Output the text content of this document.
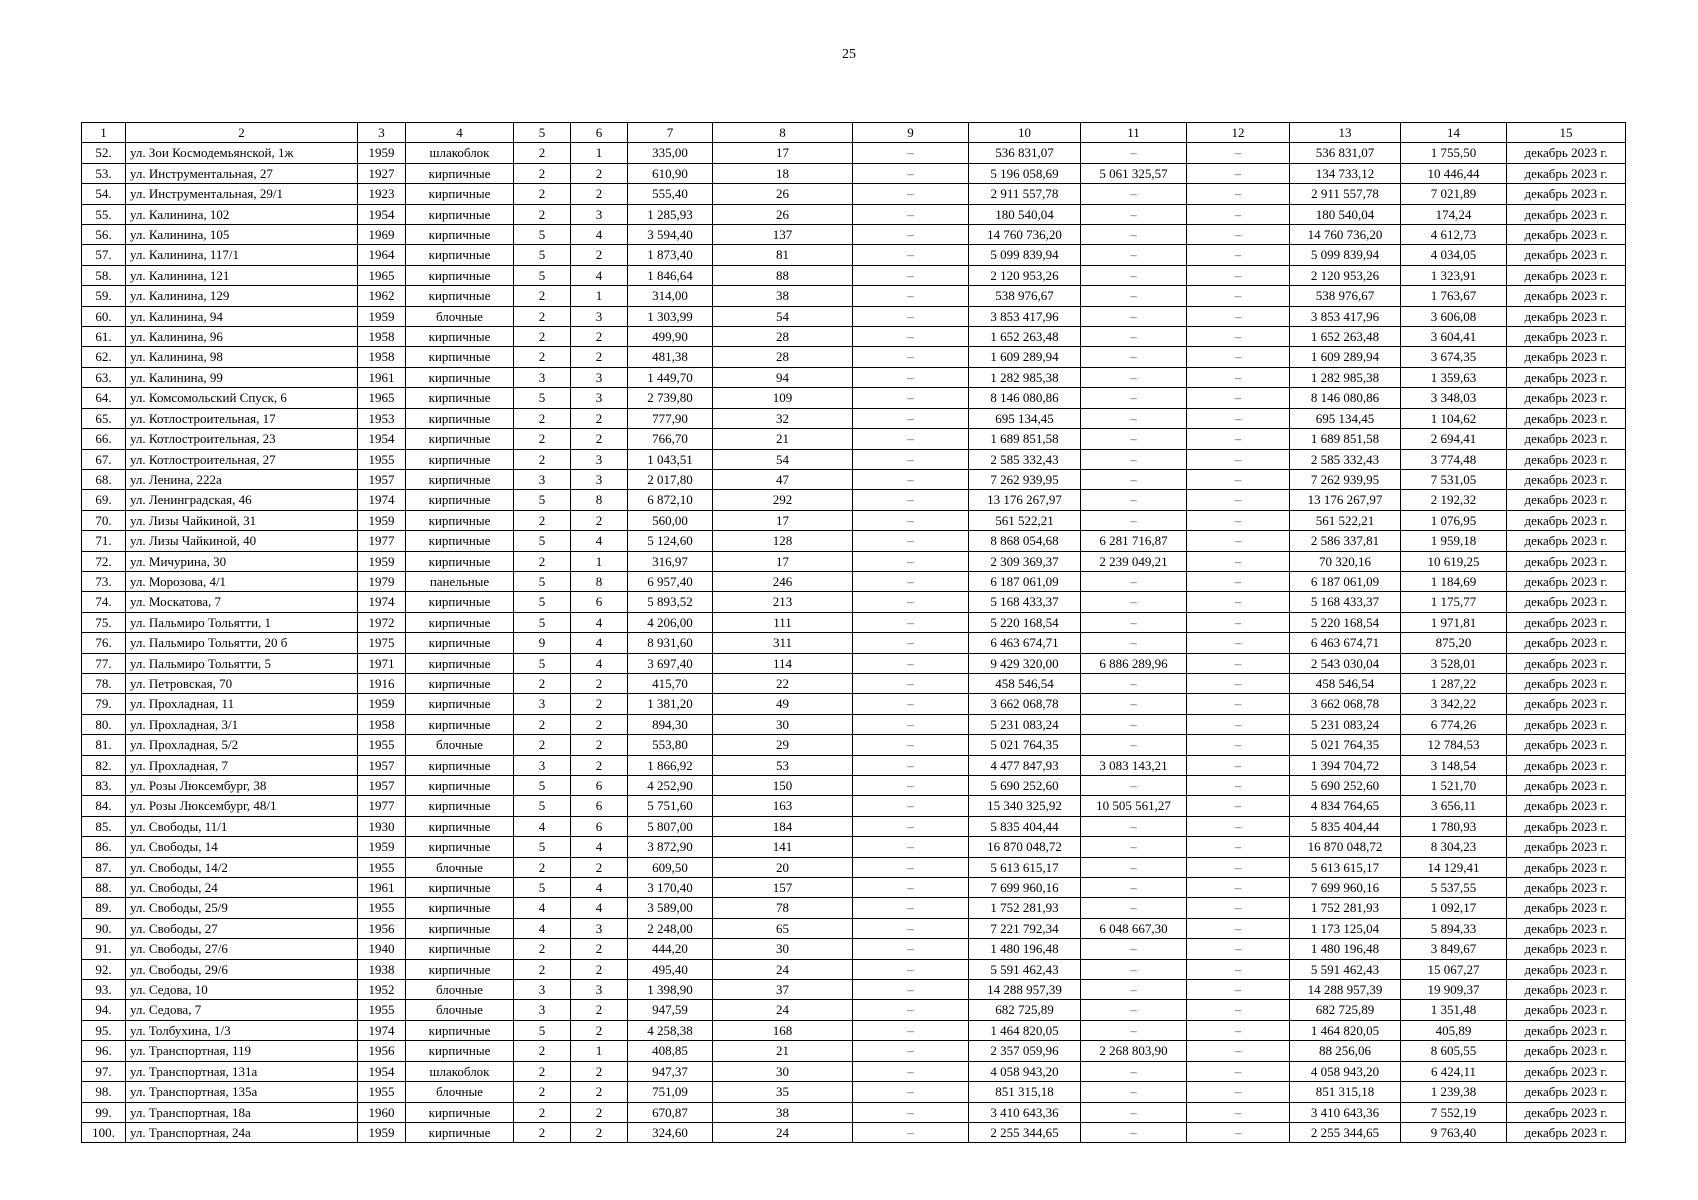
25
1	2	3	4	5	6	7	8	9	10	11	12	13	14	15
52.	ул. Зои Космодемьянской, 1ж	1959	шлакоблок	2	1	335,00	17	–	536 831,07	–	–	536 831,07	1 755,50	декабрь 2023 г.
53.	ул. Инструментальная, 27	1927	кирпичные	2	2	610,90	18	–	5 196 058,69	5 061 325,57	–	134 733,12	10 446,44	декабрь 2023 г.
54.	ул. Инструментальная, 29/1	1923	кирпичные	2	2	555,40	26	–	2 911 557,78	–	–	2 911 557,78	7 021,89	декабрь 2023 г.
55.	ул. Калинина, 102	1954	кирпичные	2	3	1 285,93	26	–	180 540,04	–	–	180 540,04	174,24	декабрь 2023 г.
56.	ул. Калинина, 105	1969	кирпичные	5	4	3 594,40	137	–	14 760 736,20	–	–	14 760 736,20	4 612,73	декабрь 2023 г.
57.	ул. Калинина, 117/1	1964	кирпичные	5	2	1 873,40	81	–	5 099 839,94	–	–	5 099 839,94	4 034,05	декабрь 2023 г.
58.	ул. Калинина, 121	1965	кирпичные	5	4	1 846,64	88	–	2 120 953,26	–	–	2 120 953,26	1 323,91	декабрь 2023 г.
59.	ул. Калинина, 129	1962	кирпичные	2	1	314,00	38	–	538 976,67	–	–	538 976,67	1 763,67	декабрь 2023 г.
60.	ул. Калинина, 94	1959	блочные	2	3	1 303,99	54	–	3 853 417,96	–	–	3 853 417,96	3 606,08	декабрь 2023 г.
61.	ул. Калинина, 96	1958	кирпичные	2	2	499,90	28	–	1 652 263,48	–	–	1 652 263,48	3 604,41	декабрь 2023 г.
62.	ул. Калинина, 98	1958	кирпичные	2	2	481,38	28	–	1 609 289,94	–	–	1 609 289,94	3 674,35	декабрь 2023 г.
63.	ул. Калинина, 99	1961	кирпичные	3	3	1 449,70	94	–	1 282 985,38	–	–	1 282 985,38	1 359,63	декабрь 2023 г.
64.	ул. Комсомольский Спуск, 6	1965	кирпичные	5	3	2 739,80	109	–	8 146 080,86	–	–	8 146 080,86	3 348,03	декабрь 2023 г.
65.	ул. Котлостроительная, 17	1953	кирпичные	2	2	777,90	32	–	695 134,45	–	–	695 134,45	1 104,62	декабрь 2023 г.
66.	ул. Котлостроительная, 23	1954	кирпичные	2	2	766,70	21	–	1 689 851,58	–	–	1 689 851,58	2 694,41	декабрь 2023 г.
67.	ул. Котлостроительная, 27	1955	кирпичные	2	3	1 043,51	54	–	2 585 332,43	–	–	2 585 332,43	3 774,48	декабрь 2023 г.
68.	ул. Ленина, 222а	1957	кирпичные	3	3	2 017,80	47	–	7 262 939,95	–	–	7 262 939,95	7 531,05	декабрь 2023 г.
69.	ул. Ленинградская, 46	1974	кирпичные	5	8	6 872,10	292	–	13 176 267,97	–	–	13 176 267,97	2 192,32	декабрь 2023 г.
70.	ул. Лизы Чайкиной, 31	1959	кирпичные	2	2	560,00	17	–	561 522,21	–	–	561 522,21	1 076,95	декабрь 2023 г.
71.	ул. Лизы Чайкиной, 40	1977	кирпичные	5	4	5 124,60	128	–	8 868 054,68	6 281 716,87	–	2 586 337,81	1 959,18	декабрь 2023 г.
72.	ул. Мичурина, 30	1959	кирпичные	2	1	316,97	17	–	2 309 369,37	2 239 049,21	–	70 320,16	10 619,25	декабрь 2023 г.
73.	ул. Морозова, 4/1	1979	панельные	5	8	6 957,40	246	–	6 187 061,09	–	–	6 187 061,09	1 184,69	декабрь 2023 г.
74.	ул. Москатова, 7	1974	кирпичные	5	6	5 893,52	213	–	5 168 433,37	–	–	5 168 433,37	1 175,77	декабрь 2023 г.
75.	ул. Пальмиро Тольятти, 1	1972	кирпичные	5	4	4 206,00	111	–	5 220 168,54	–	–	5 220 168,54	1 971,81	декабрь 2023 г.
76.	ул. Пальмиро Тольятти, 20 б	1975	кирпичные	9	4	8 931,60	311	–	6 463 674,71	–	–	6 463 674,71	875,20	декабрь 2023 г.
77.	ул. Пальмиро Тольятти, 5	1971	кирпичные	5	4	3 697,40	114	–	9 429 320,00	6 886 289,96	–	2 543 030,04	3 528,01	декабрь 2023 г.
78.	ул. Петровская, 70	1916	кирпичные	2	2	415,70	22	–	458 546,54	–	–	458 546,54	1 287,22	декабрь 2023 г.
79.	ул. Прохладная, 11	1959	кирпичные	3	2	1 381,20	49	–	3 662 068,78	–	–	3 662 068,78	3 342,22	декабрь 2023 г.
80.	ул. Прохладная, 3/1	1958	кирпичные	2	2	894,30	30	–	5 231 083,24	–	–	5 231 083,24	6 774,26	декабрь 2023 г.
81.	ул. Прохладная, 5/2	1955	блочные	2	2	553,80	29	–	5 021 764,35	–	–	5 021 764,35	12 784,53	декабрь 2023 г.
82.	ул. Прохладная, 7	1957	кирпичные	3	2	1 866,92	53	–	4 477 847,93	3 083 143,21	–	1 394 704,72	3 148,54	декабрь 2023 г.
83.	ул. Розы Люксембург, 38	1957	кирпичные	5	6	4 252,90	150	–	5 690 252,60	–	–	5 690 252,60	1 521,70	декабрь 2023 г.
84.	ул. Розы Люксембург, 48/1	1977	кирпичные	5	6	5 751,60	163	–	15 340 325,92	10 505 561,27	–	4 834 764,65	3 656,11	декабрь 2023 г.
85.	ул. Свободы, 11/1	1930	кирпичные	4	6	5 807,00	184	–	5 835 404,44	–	–	5 835 404,44	1 780,93	декабрь 2023 г.
86.	ул. Свободы, 14	1959	кирпичные	5	4	3 872,90	141	–	16 870 048,72	–	–	16 870 048,72	8 304,23	декабрь 2023 г.
87.	ул. Свободы, 14/2	1955	блочные	2	2	609,50	20	–	5 613 615,17	–	–	5 613 615,17	14 129,41	декабрь 2023 г.
88.	ул. Свободы, 24	1961	кирпичные	5	4	3 170,40	157	–	7 699 960,16	–	–	7 699 960,16	5 537,55	декабрь 2023 г.
89.	ул. Свободы, 25/9	1955	кирпичные	4	4	3 589,00	78	–	1 752 281,93	–	–	1 752 281,93	1 092,17	декабрь 2023 г.
90.	ул. Свободы, 27	1956	кирпичные	4	3	2 248,00	65	–	7 221 792,34	6 048 667,30	–	1 173 125,04	5 894,33	декабрь 2023 г.
91.	ул. Свободы, 27/6	1940	кирпичные	2	2	444,20	30	–	1 480 196,48	–	–	1 480 196,48	3 849,67	декабрь 2023 г.
92.	ул. Свободы, 29/6	1938	кирпичные	2	2	495,40	24	–	5 591 462,43	–	–	5 591 462,43	15 067,27	декабрь 2023 г.
93.	ул. Седова, 10	1952	блочные	3	3	1 398,90	37	–	14 288 957,39	–	–	14 288 957,39	19 909,37	декабрь 2023 г.
94.	ул. Седова, 7	1955	блочные	3	2	947,59	24	–	682 725,89	–	–	682 725,89	1 351,48	декабрь 2023 г.
95.	ул. Толбухина, 1/3	1974	кирпичные	5	2	4 258,38	168	–	1 464 820,05	–	–	1 464 820,05	405,89	декабрь 2023 г.
96.	ул. Транспортная, 119	1956	кирпичные	2	1	408,85	21	–	2 357 059,96	2 268 803,90	–	88 256,06	8 605,55	декабрь 2023 г.
97.	ул. Транспортная, 131а	1954	шлакоблок	2	2	947,37	30	–	4 058 943,20	–	–	4 058 943,20	6 424,11	декабрь 2023 г.
98.	ул. Транспортная, 135а	1955	блочные	2	2	751,09	35	–	851 315,18	–	–	851 315,18	1 239,38	декабрь 2023 г.
99.	ул. Транспортная, 18а	1960	кирпичные	2	2	670,87	38	–	3 410 643,36	–	–	3 410 643,36	7 552,19	декабрь 2023 г.
100.	ул. Транспортная, 24а	1959	кирпичные	2	2	324,60	24	–	2 255 344,65	–	–	2 255 344,65	9 763,40	декабрь 2023 г.
